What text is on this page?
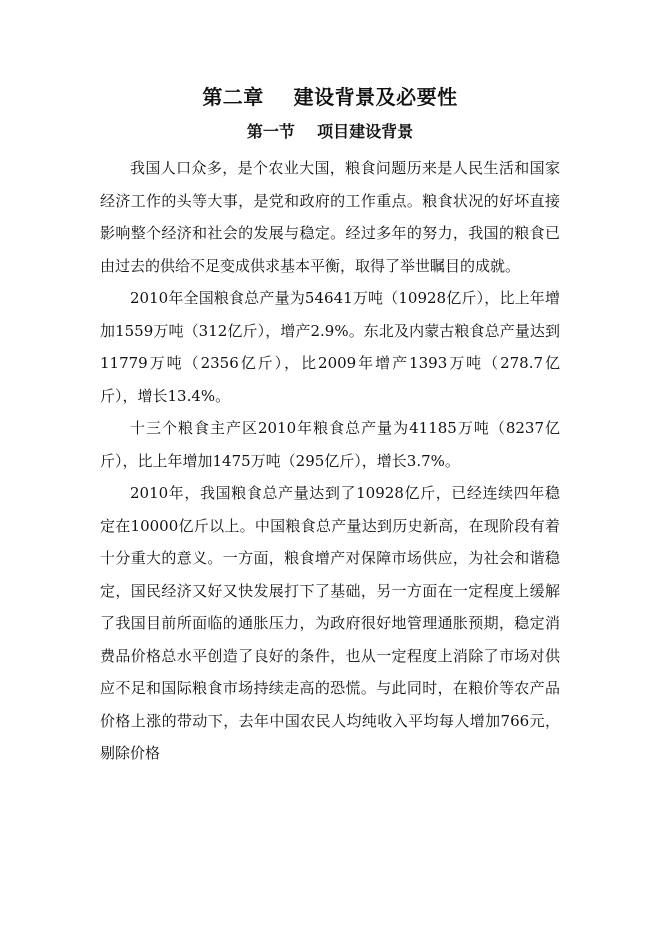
第二章    建设背景及必要性
第一节    项目建设背景

我国人口众多，是个农业大国，粮食问题历来是人民生活和国家经济工作的头等大事，是党和政府的工作重点。粮食状况的好坏直接影响整个经济和社会的发展与稳定。经过多年的努力，我国的粮食已由过去的供给不足变成供求基本平衡，取得了举世瞩目的成就。

2010年全国粮食总产量为54641万吨（10928亿斤），比上年增加1559万吨（312亿斤），增产2.9%。东北及内蒙古粮食总产量达到11779万吨（2356亿斤），比2009年增产1393万吨（278.7亿斤），增长13.4%。

十三个粮食主产区2010年粮食总产量为41185万吨（8237亿斤），比上年增加1475万吨（295亿斤），增长3.7%。

2010年，我国粮食总产量达到了10928亿斤，已经连续四年稳定在10000亿斤以上。中国粮食总产量达到历史新高，在现阶段有着十分重大的意义。一方面，粮食增产对保障市场供应，为社会和谐稳定，国民经济又好又快发展打下了基础，另一方面在一定程度上缓解了我国目前所面临的通胀压力，为政府很好地管理通胀预期，稳定消费品价格总水平创造了良好的条件，也从一定程度上消除了市场对供应不足和国际粮食市场持续走高的恐慌。与此同时，在粮价等农产品价格上涨的带动下，去年中国农民人均纯收入平均每人增加766元，剔除价格
